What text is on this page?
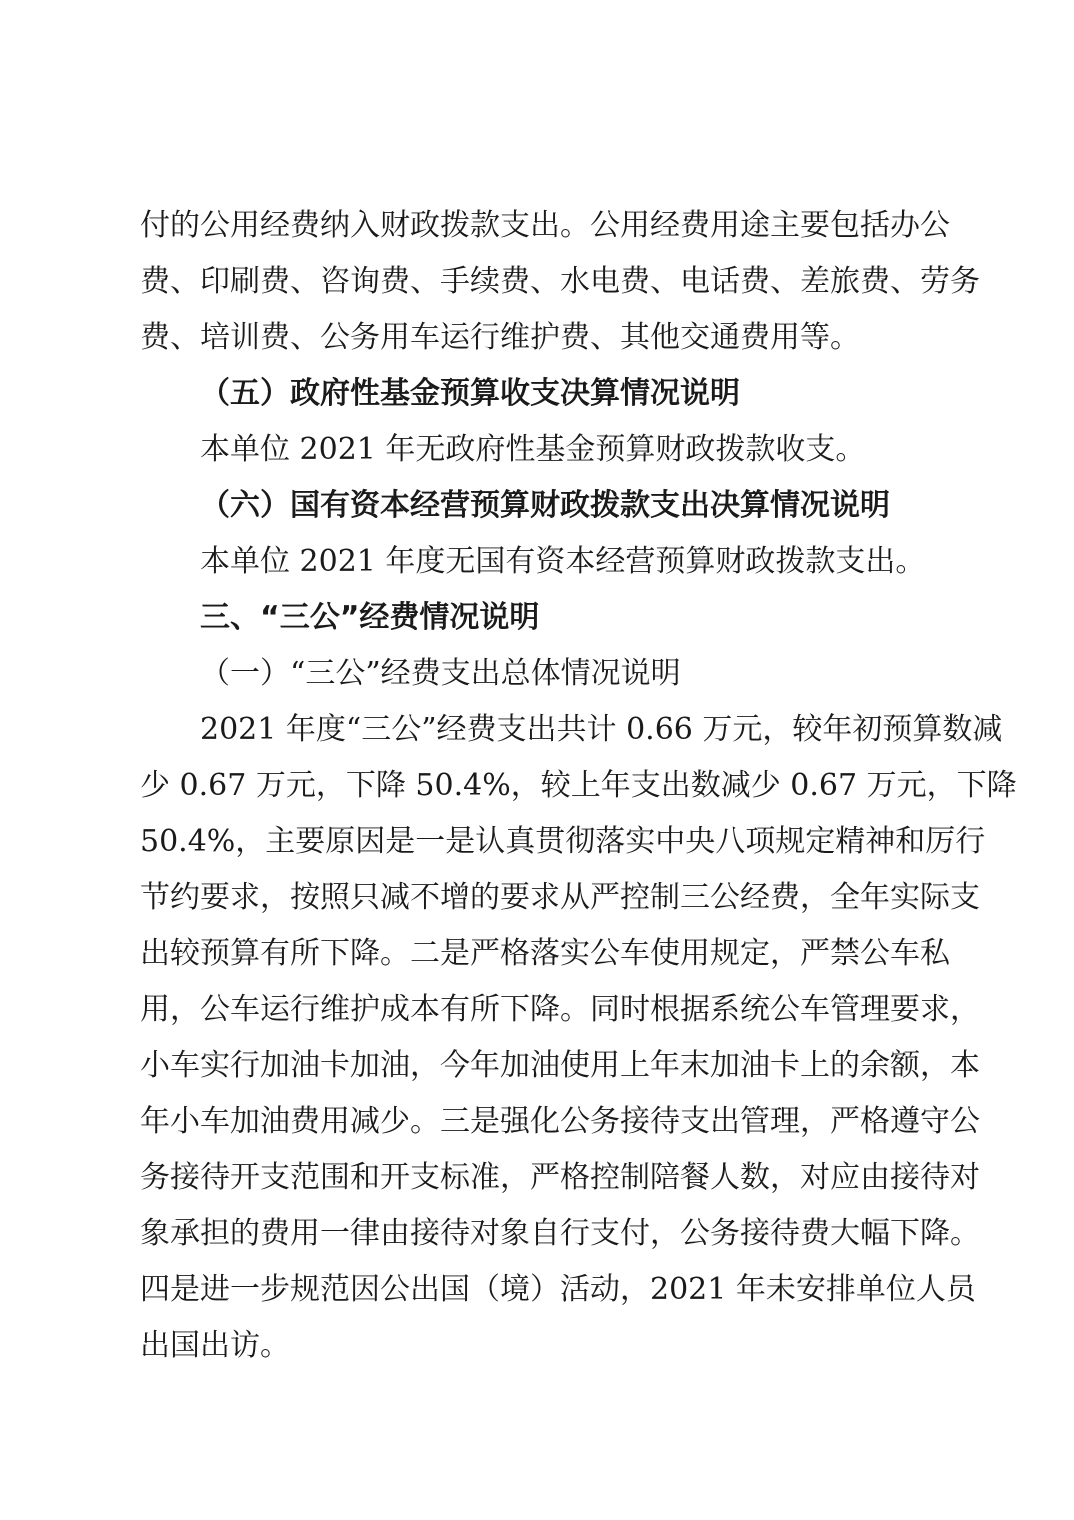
付的公用经费纳入财政拨款支出。公用经费用途主要包括办公
费、印刷费、咨询费、手续费、水电费、电话费、差旅费、劳务
费、培训费、公务用车运行维护费、其他交通费用等。
（五）政府性基金预算收支决算情况说明
本单位 2021 年无政府性基金预算财政拨款收支。
（六）国有资本经营预算财政拨款支出决算情况说明
本单位 2021 年度无国有资本经营预算财政拨款支出。
三、“三公”经费情况说明
（一）“三公”经费支出总体情况说明
2021 年度“三公”经费支出共计 0.66 万元，较年初预算数减
少 0.67 万元，下降 50.4%，较上年支出数减少 0.67 万元，下降
50.4%，主要原因是一是认真贯彻落实中央八项规定精神和厉行
节约要求，按照只减不增的要求从严控制三公经费，全年实际支
出较预算有所下降。二是严格落实公车使用规定，严禁公车私
用，公车运行维护成本有所下降。同时根据系统公车管理要求，
小车实行加油卡加油，今年加油使用上年末加油卡上的余额，本
年小车加油费用减少。三是强化公务接待支出管理，严格遵守公
务接待开支范围和开支标准，严格控制陪餐人数，对应由接待对
象承担的费用一律由接待对象自行支付，公务接待费大幅下降。
四是进一步规范因公出国（境）活动，2021 年未安排单位人员
出国出访。
